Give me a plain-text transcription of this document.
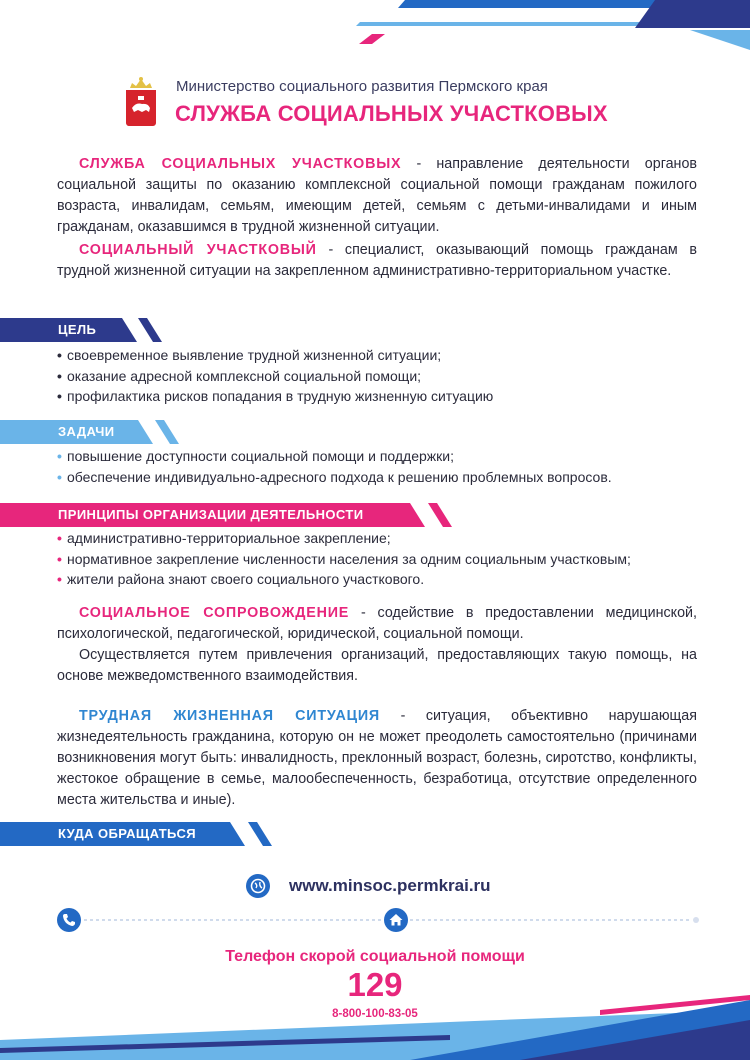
Министерство социального развития Пермского края
СЛУЖБА СОЦИАЛЬНЫХ УЧАСТКОВЫХ
СЛУЖБА СОЦИАЛЬНЫХ УЧАСТКОВЫХ - направление деятельности органов социальной защиты по оказанию комплексной социальной помощи гражданам пожилого возраста, инвалидам, семьям, имеющим детей, семьям с детьми-инвалидами и иным гражданам, оказавшимся в трудной жизненной ситуации.
СОЦИАЛЬНЫЙ УЧАСТКОВЫЙ - специалист, оказывающий помощь гражданам в трудной жизненной ситуации на закрепленном административно-территориальном участке.
ЦЕЛЬ
• своевременное выявление трудной жизненной ситуации;
• оказание адресной комплексной социальной помощи;
• профилактика рисков попадания в трудную жизненную ситуацию
ЗАДАЧИ
• повышение доступности социальной помощи и поддержки;
• обеспечение индивидуально-адресного подхода к решению проблемных вопросов.
ПРИНЦИПЫ ОРГАНИЗАЦИИ ДЕЯТЕЛЬНОСТИ
• административно-территориальное закрепление;
• нормативное закрепление численности населения за одним социальным участковым;
• жители района знают своего социального участкового.
СОЦИАЛЬНОЕ СОПРОВОЖДЕНИЕ - содействие в предоставлении медицинской, психологической, педагогической, юридической, социальной помощи.
Осуществляется путем привлечения организаций, предоставляющих такую помощь, на основе межведомственного взаимодействия.
ТРУДНАЯ ЖИЗНЕННАЯ СИТУАЦИЯ - ситуация, объективно нарушающая жизнедеятельность гражданина, которую он не может преодолеть самостоятельно (причинами возникновения могут быть: инвалидность, преклонный возраст, болезнь, сиротство, конфликты, жестокое обращение в семье, малообеспеченность, безработица, отсутствие определенного места жительства и иные).
КУДА ОБРАЩАТЬСЯ
www.minsoc.permkrai.ru
Телефон скорой социальной помощи
129
8-800-100-83-05
